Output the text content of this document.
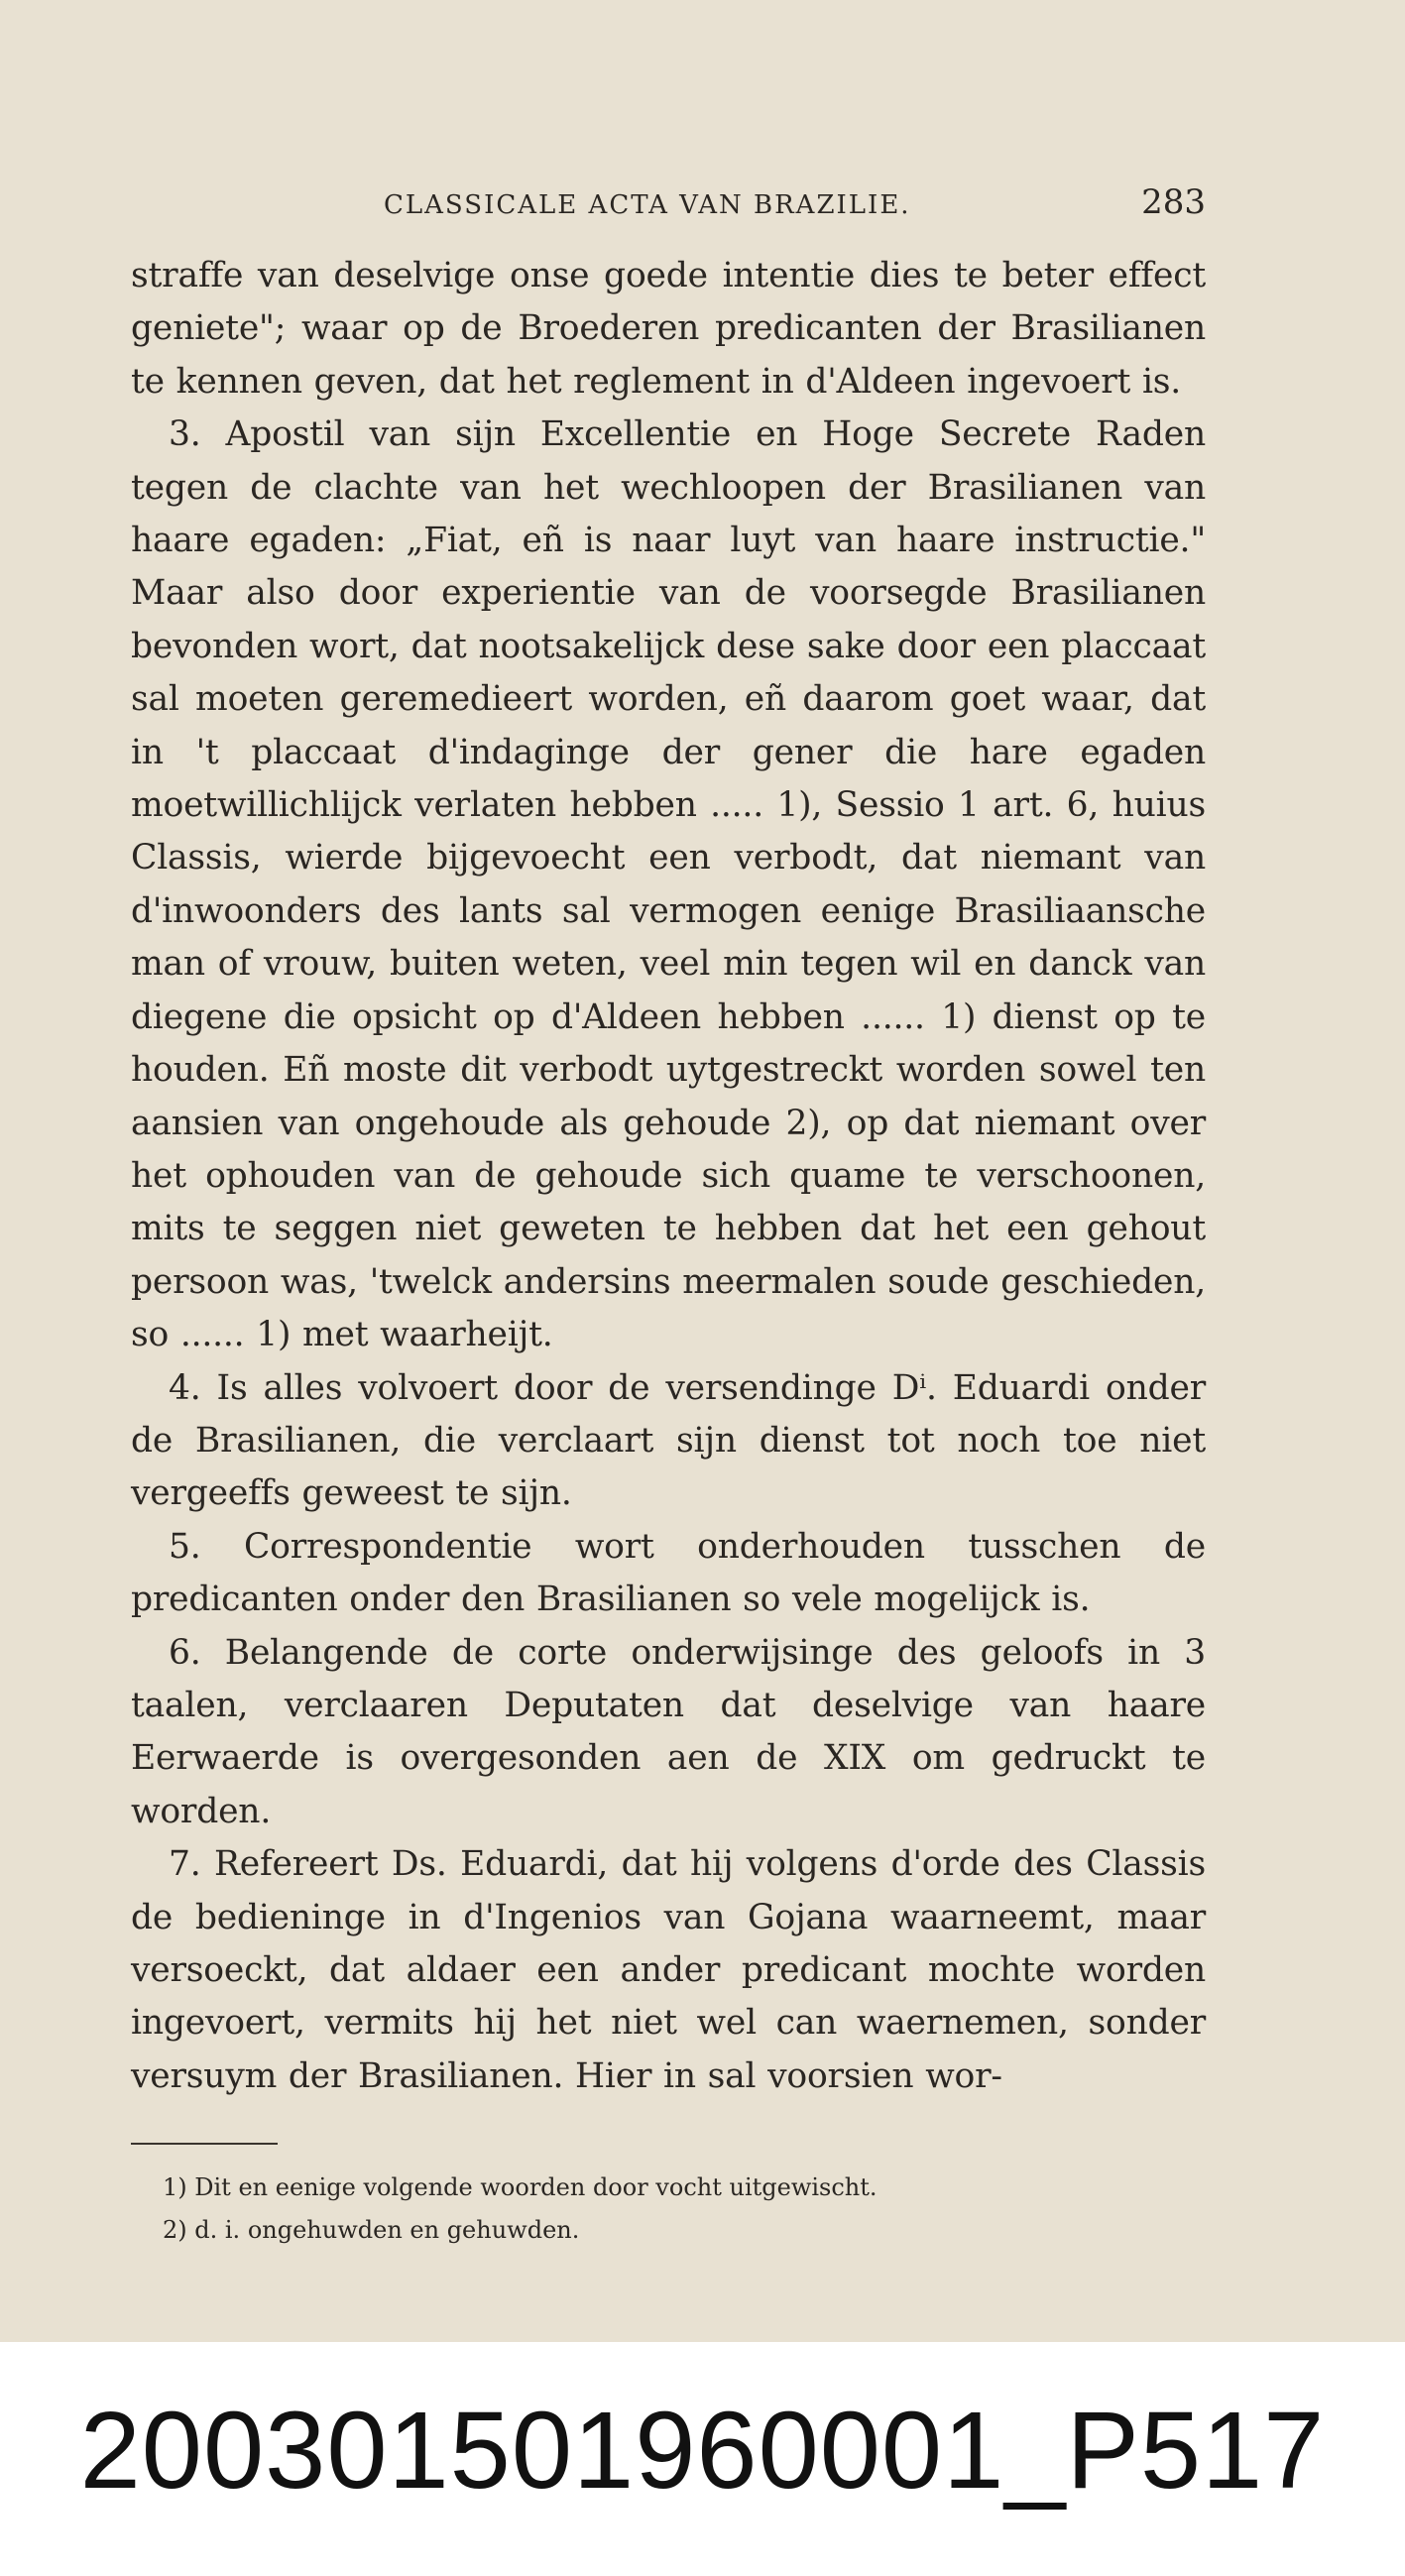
CLASSICALE ACTA VAN BRAZILIE.	283

straffe van deselvige onse goede intentie dies te beter effect geniete"; waar op de Broederen predicanten der Brasilianen te kennen geven, dat het reglement in d'Aldeen ingevoert is.

3. Apostil van sijn Excellentie en Hoge Secrete Raden tegen de clachte van het wechloopen der Brasilianen van haare egaden: „Fiat, eñ is naar luyt van haare instructie." Maar also door experientie van de voorsegde Brasilianen bevonden wort, dat nootsakelijck dese sake door een placcaat sal moeten geremedieert worden, eñ daarom goet waar, dat in 't placcaat d'indaginge der gener die hare egaden moetwillichlijck verlaten hebben ..... 1), Sessio 1 art. 6, huius Classis, wierde bijgevoecht een verbodt, dat niemant van d'inwoonders des lants sal vermogen eenige Brasiliaansche man of vrouw, buiten weten, veel min tegen wil en danck van diegene die opsicht op d'Aldeen hebben ...... 1) dienst op te houden. Eñ moste dit verbodt uytgestreckt worden sowel ten aansien van ongehoude als gehoude 2), op dat niemant over het ophouden van de gehoude sich quame te verschoonen, mits te seggen niet geweten te hebben dat het een gehout persoon was, 'twelck andersins meermalen soude geschieden, so ...... 1) met waarheijt.

4. Is alles volvoert door de versendinge Dⁱ. Eduardi onder de Brasilianen, die verclaart sijn dienst tot noch toe niet vergeeffs geweest te sijn.

5. Correspondentie wort onderhouden tusschen de predicanten onder den Brasilianen so vele mogelijck is.

6. Belangende de corte onderwijsinge des geloofs in 3 taalen, verclaaren Deputaten dat deselvige van haare Eerwaerde is overgesonden aen de XIX om gedruckt te worden.

7. Refereert Ds. Eduardi, dat hij volgens d'orde des Classis de bedieninge in d'Ingenios van Gojana waarneemt, maar versoeckt, dat aldaer een ander predicant mochte worden ingevoert, vermits hij het niet wel can waernemen, sonder versuym der Brasilianen. Hier in sal voorsien wor-

1) Dit en eenige volgende woorden door vocht uitgewischt.

2) d. i. ongehuwden en gehuwden.

20030150196000​1_P517
